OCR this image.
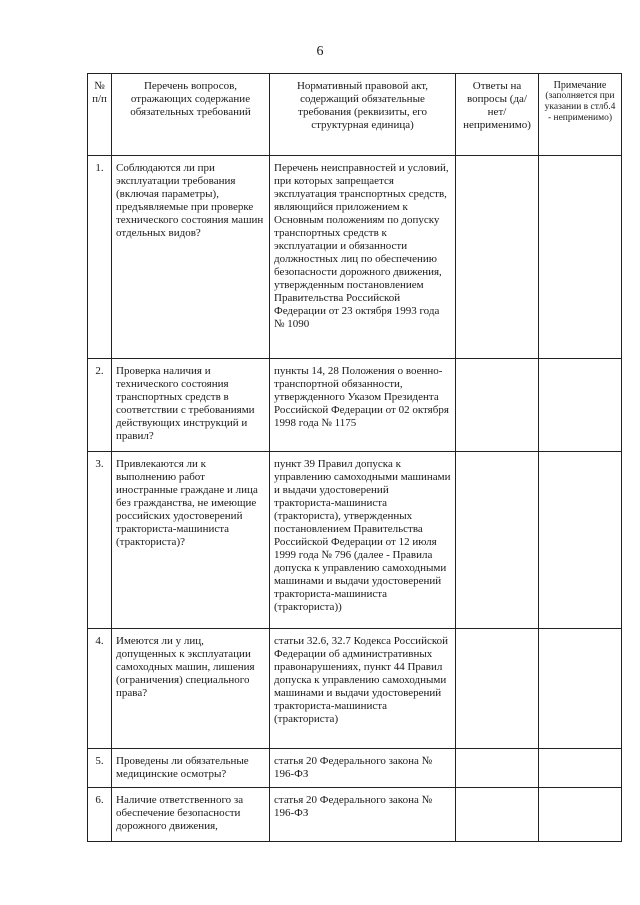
6
№ п/п	Перечень вопросов, отражающих содержание обязательных требований	Нормативный правовой акт, содержащий обязательные требования (реквизиты, его структурная единица)	Ответы на вопросы (да/нет/ неприменимо)	Примечание
(заполняется при указании в стлб.4 - неприменимо)

1.	Соблюдаются ли при эксплуатации требования (включая параметры), предъявляемые при проверке технического состояния машин отдельных видов?	Перечень неисправностей и условий, при которых запрещается эксплуатация транспортных средств, являющийся приложением к Основным положениям по допуску транспортных средств к эксплуатации и обязанности должностных лиц по обеспечению безопасности дорожного движения, утвержденным постановлением Правительства Российской Федерации от 23 октября 1993 года № 1090		
2.	Проверка наличия и технического состояния транспортных средств в соответствии с требованиями действующих инструкций и правил?	пункты 14, 28 Положения о военно-транспортной обязанности, утвержденного Указом Президента Российской Федерации от 02 октября 1998 года № 1175		
3.	Привлекаются ли к выполнению работ иностранные граждане и лица без гражданства, не имеющие российских удостоверений тракториста-машиниста (тракториста)?	пункт 39 Правил допуска к управлению самоходными машинами и выдачи удостоверений тракториста-машиниста (тракториста), утвержденных постановлением Правительства Российской Федерации от 12 июля 1999 года № 796 (далее - Правила допуска к управлению самоходными машинами и выдачи удостоверений тракториста-машиниста (тракториста))		
4.	Имеются ли у лиц, допущенных к эксплуатации самоходных машин, лишения (ограничения) специального права?	статьи 32.6, 32.7 Кодекса Российской Федерации об административных правонарушениях, пункт 44 Правил допуска к управлению самоходными машинами и выдачи удостоверений тракториста-машиниста (тракториста)		
5.	Проведены ли обязательные медицинские осмотры?	статья 20 Федерального закона № 196-ФЗ		
6.	Наличие ответственного за обеспечение безопасности дорожного движения,	статья 20 Федерального закона № 196-ФЗ		
